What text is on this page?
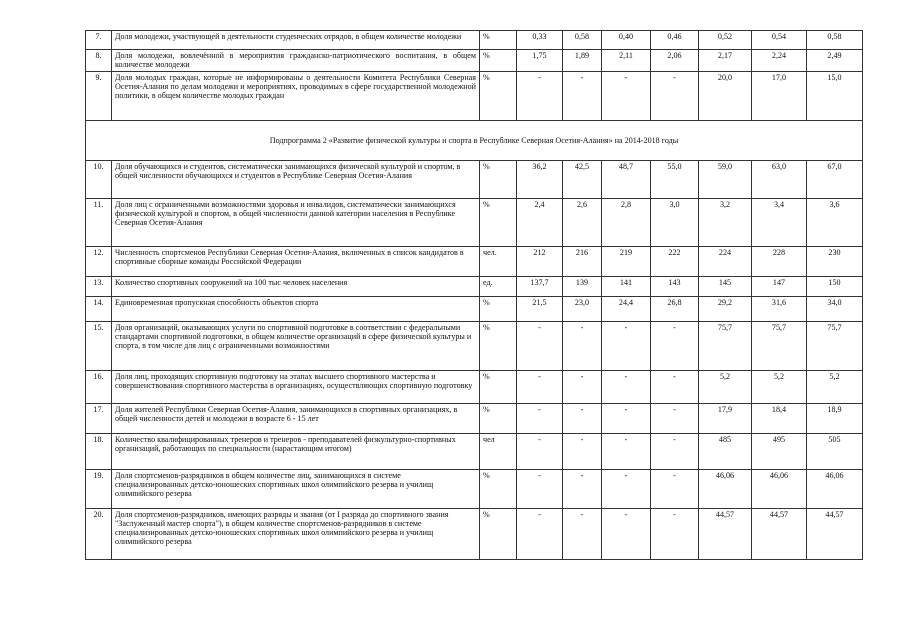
7.	Доля молодежи, участвующей в деятельности студенческих отрядов, в общем количестве молодежи	%	0,33	0,58	0,40	0,46	0,52	0,54	0,58
8.	Доля молодежи, вовлечённой в мероприятия гражданско-патриотического воспитания, в общем количестве молодежи	%	1,75	1,89	2,11	2,06	2,17	2,24	2,49
9.	Доля молодых граждан, которые не информированы о деятельности Комитета Республики Северная Осетия-Алания по делам молодежи и мероприятиях, проводимых в сфере государственной молодежной политики, в общем количестве молодых граждан	%	-	-	-	-	20,0	17,0	15,0
Подпрограмма 2 «Развитие физической культуры и спорта в Республике Северная Осетия-Алания» на 2014-2018 годы									
10.	Доля обучающихся и студентов, систематически занимающихся физической культурой и спортом, в общей численности обучающихся и студентов в Республике Северная Осетия-Алания	%	36,2	42,5	48,7	55,0	59,0	63,0	67,0
11.	Доля лиц с ограниченными возможностями здоровья и инвалидов, систематически занимающихся физической культурой и спортом, в общей численности данной категории населения в Республике Северная Осетия-Алания	%	2,4	2,6	2,8	3,0	3,2	3,4	3,6
12.	Численность спортсменов Республики Северная Осетия-Алания, включенных в список кандидатов в спортивные сборные команды Российской Федерации	чел.	212	216	219	222	224	228	230
13.	Количество спортивных сооружений на 100 тыс человек населения	ед.	137,7	139	141	143	145	147	150
14.	Единовременная пропускная способность объектов спорта	%	21,5	23,0	24,4	26,8	29,2	31,6	34,0
15.	Доля организаций, оказывающих услуги по спортивной подготовке в соответствии с федеральными стандартами спортивной подготовки, в общем количестве организаций в сфере физической культуры и спорта, в том числе для лиц с ограниченными возможностями	%	-	-	-	-	75,7	75,7	75,7
16.	Доля лиц, проходящих спортивную подготовку на этапах высшего спортивного мастерства и совершенствования спортивного мастерства в организациях, осуществляющих спортивную подготовку	%	-	-	-	-	5,2	5,2	5,2
17.	Доля жителей Республики Северная Осетия-Алания, занимающихся в спортивных организациях, в общей численности детей и молодежи в возрасте 6 - 15 лет	%	-	-	-	-	17,9	18,4	18,9
18.	Количество квалифицированных тренеров и тренеров - преподавателей физкультурно-спортивных организаций, работающих по специальности (нарастающим итогом)	чел	-	-	-	-	485	495	505
19.	Доля спортсменов-разрядников в общем количестве лиц, занимающихся в системе специализированных детско-юношеских спортивных школ олимпийского резерва и училищ олимпийского резерва	%	-	-	-	-	46,06	46,06	46,06
20.	Доля спортсменов-разрядников, имеющих разряды и звания (от I разряда до спортивного звания "Заслуженный мастер спорта"), в общем количестве спортсменов-разрядников в системе специализированных детско-юношеских спортивных школ олимпийского резерва и училищ олимпийского резерва	%	-	-	-	-	44,57	44,57	44,57
